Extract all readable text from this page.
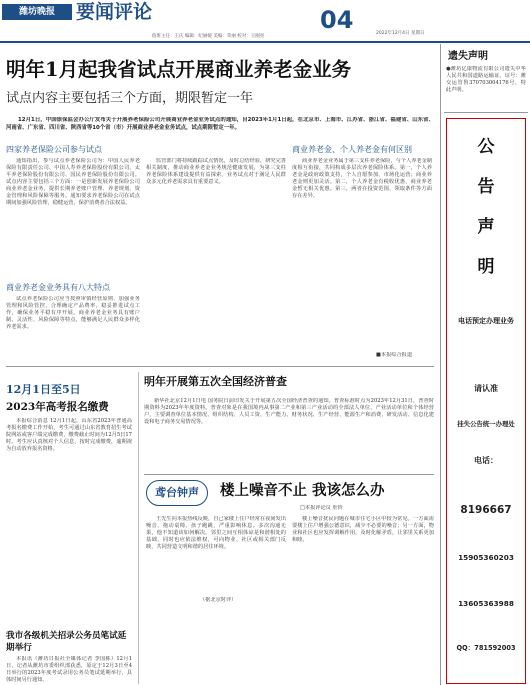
潍坊晚报	要闻评论
值班主任：王庆 编辑：纪丽媛 美编：荣丽 校对：王刚亮
04	2022年12月4日 星期日
明年1月起我省试点开展商业养老金业务
试点内容主要包括三个方面，期限暂定一年
12月1日，中国银保监会办公厅发布关于开展养老保险公司开展商业养老金业务试点的通知，自2023年1月1日起，在北京市、上海市、江苏省、浙江省、福建省、山东省、河南省、广东省、四川省、陕西省等10个省（市）开展商业养老金业务试点，试点期限暂定一年。
四家养老保险公司参与试点
通知指出，参与试点养老保险公司为：中国人民养老保险有限责任公司、中国人寿养老保险股份有限公司、太平养老保险股份有限公司、国民养老保险股份有限公司。试点内容主要包括三个方面：一是创新发展养老保险公司商业养老金业务，提供长期养老账户管理、养老规划、资金管理和风险保障等服务。通知要求养老保险公司在试点期间加强风险管理，稳健运营，保护消费者合法权益。
商业养老金业务具有八大特点
试点养老保险公司应当按照审慎经营原则，加强业务管理和风险管控，合理确定产品费率，稳妥推进试点工作，确保业务平稳有序开展。商业养老金业务具有账户制、灵活性、风险保障等特点，能够满足人民群众多样化养老需求。
监管部门将持续跟踪试点情况，及时总结经验，研究完善相关制度，推动商业养老金业务规范健康发展，为第三支柱养老保险体系建设提供有益探索。业务试点对于满足人民群众多元化养老需求具有重要意义。
商业养老金、个人养老金有何区别
商业养老金业务属于第三支柱养老保险，与个人养老金制度相互衔接，共同构成多层次养老保险体系。第一，个人养老金是政府政策支持，个人自愿参加，市场化运营；商业养老金则更加灵活。第二，个人养老金有税收优惠，商业养老金暂无相关优惠。第三，两者在投资范围、领取条件等方面存在差异。
■本报综合报道
12月1日至5日
2023年高考报名缴费
本报综合消息 12月1日起，山东省2023年普通高考报名缴费工作开始，考生可通过山东省教育招生考试院网站或客户端完成缴费，缴费截止时间为12月5日17时。考生应认真核对个人信息，按时完成缴费，逾期视为自动放弃报名资格。
我市各级机关招录公务员笔试延期举行
本报讯（潍坊日报社全媒体记者 李国栋）12月1日，记者从潍坊市委组织部获悉，原定于12月3日至4日举行的2023年度考试录用公务员笔试延期举行，具体时间另行通知。
明年开展第五次全国经济普查
新华社北京12月1日电 国务院日前印发关于开展第五次全国经济普查的通知。普查标准时点为2023年12月31日，普查时期资料为2023年年度资料。普查对象是在我国境内从事第二产业和第三产业活动的全部法人单位、产业活动单位和个体经营户，主要调查单位基本情况、组织结构、人员工资、生产能力、财务状况、生产经营、能源生产和消费、研发活动、信息化建设和电子商务交易情况等。
鸢台钟声	楼上噪音不止 我该怎么办
□本报评论员 肝铃
王先生向本报热线反映，自己家楼上住户经常在夜间发出噪音，拖动桌椅、孩子跑跳，严重影响休息。多次沟通无果，他不知道该如何解决。邻里之间互相体谅是和谐相处的基础，同时也应依法维权，可向物业、社区或相关部门反映，共同营造文明和谐的居住环境。
（据北京时评）
楼上噪音扰民问题在城市住宅小区中较为常见。一方面需要楼上住户增强公德意识，减少不必要的噪音；另一方面，物业和社区也应发挥调解作用，及时化解矛盾，让邻里关系更加和睦。
遗失声明
●潍坊亿康物流有限公司遗失中华人民共和国道路运输证，证号：潍交运管鲁370703004176号，特此声明。
公
告
声
明
电话预定办理业务
请认准
挂失公告统一办理处
电话：
8196667
15905360203
13605363988
QQ：781592003
